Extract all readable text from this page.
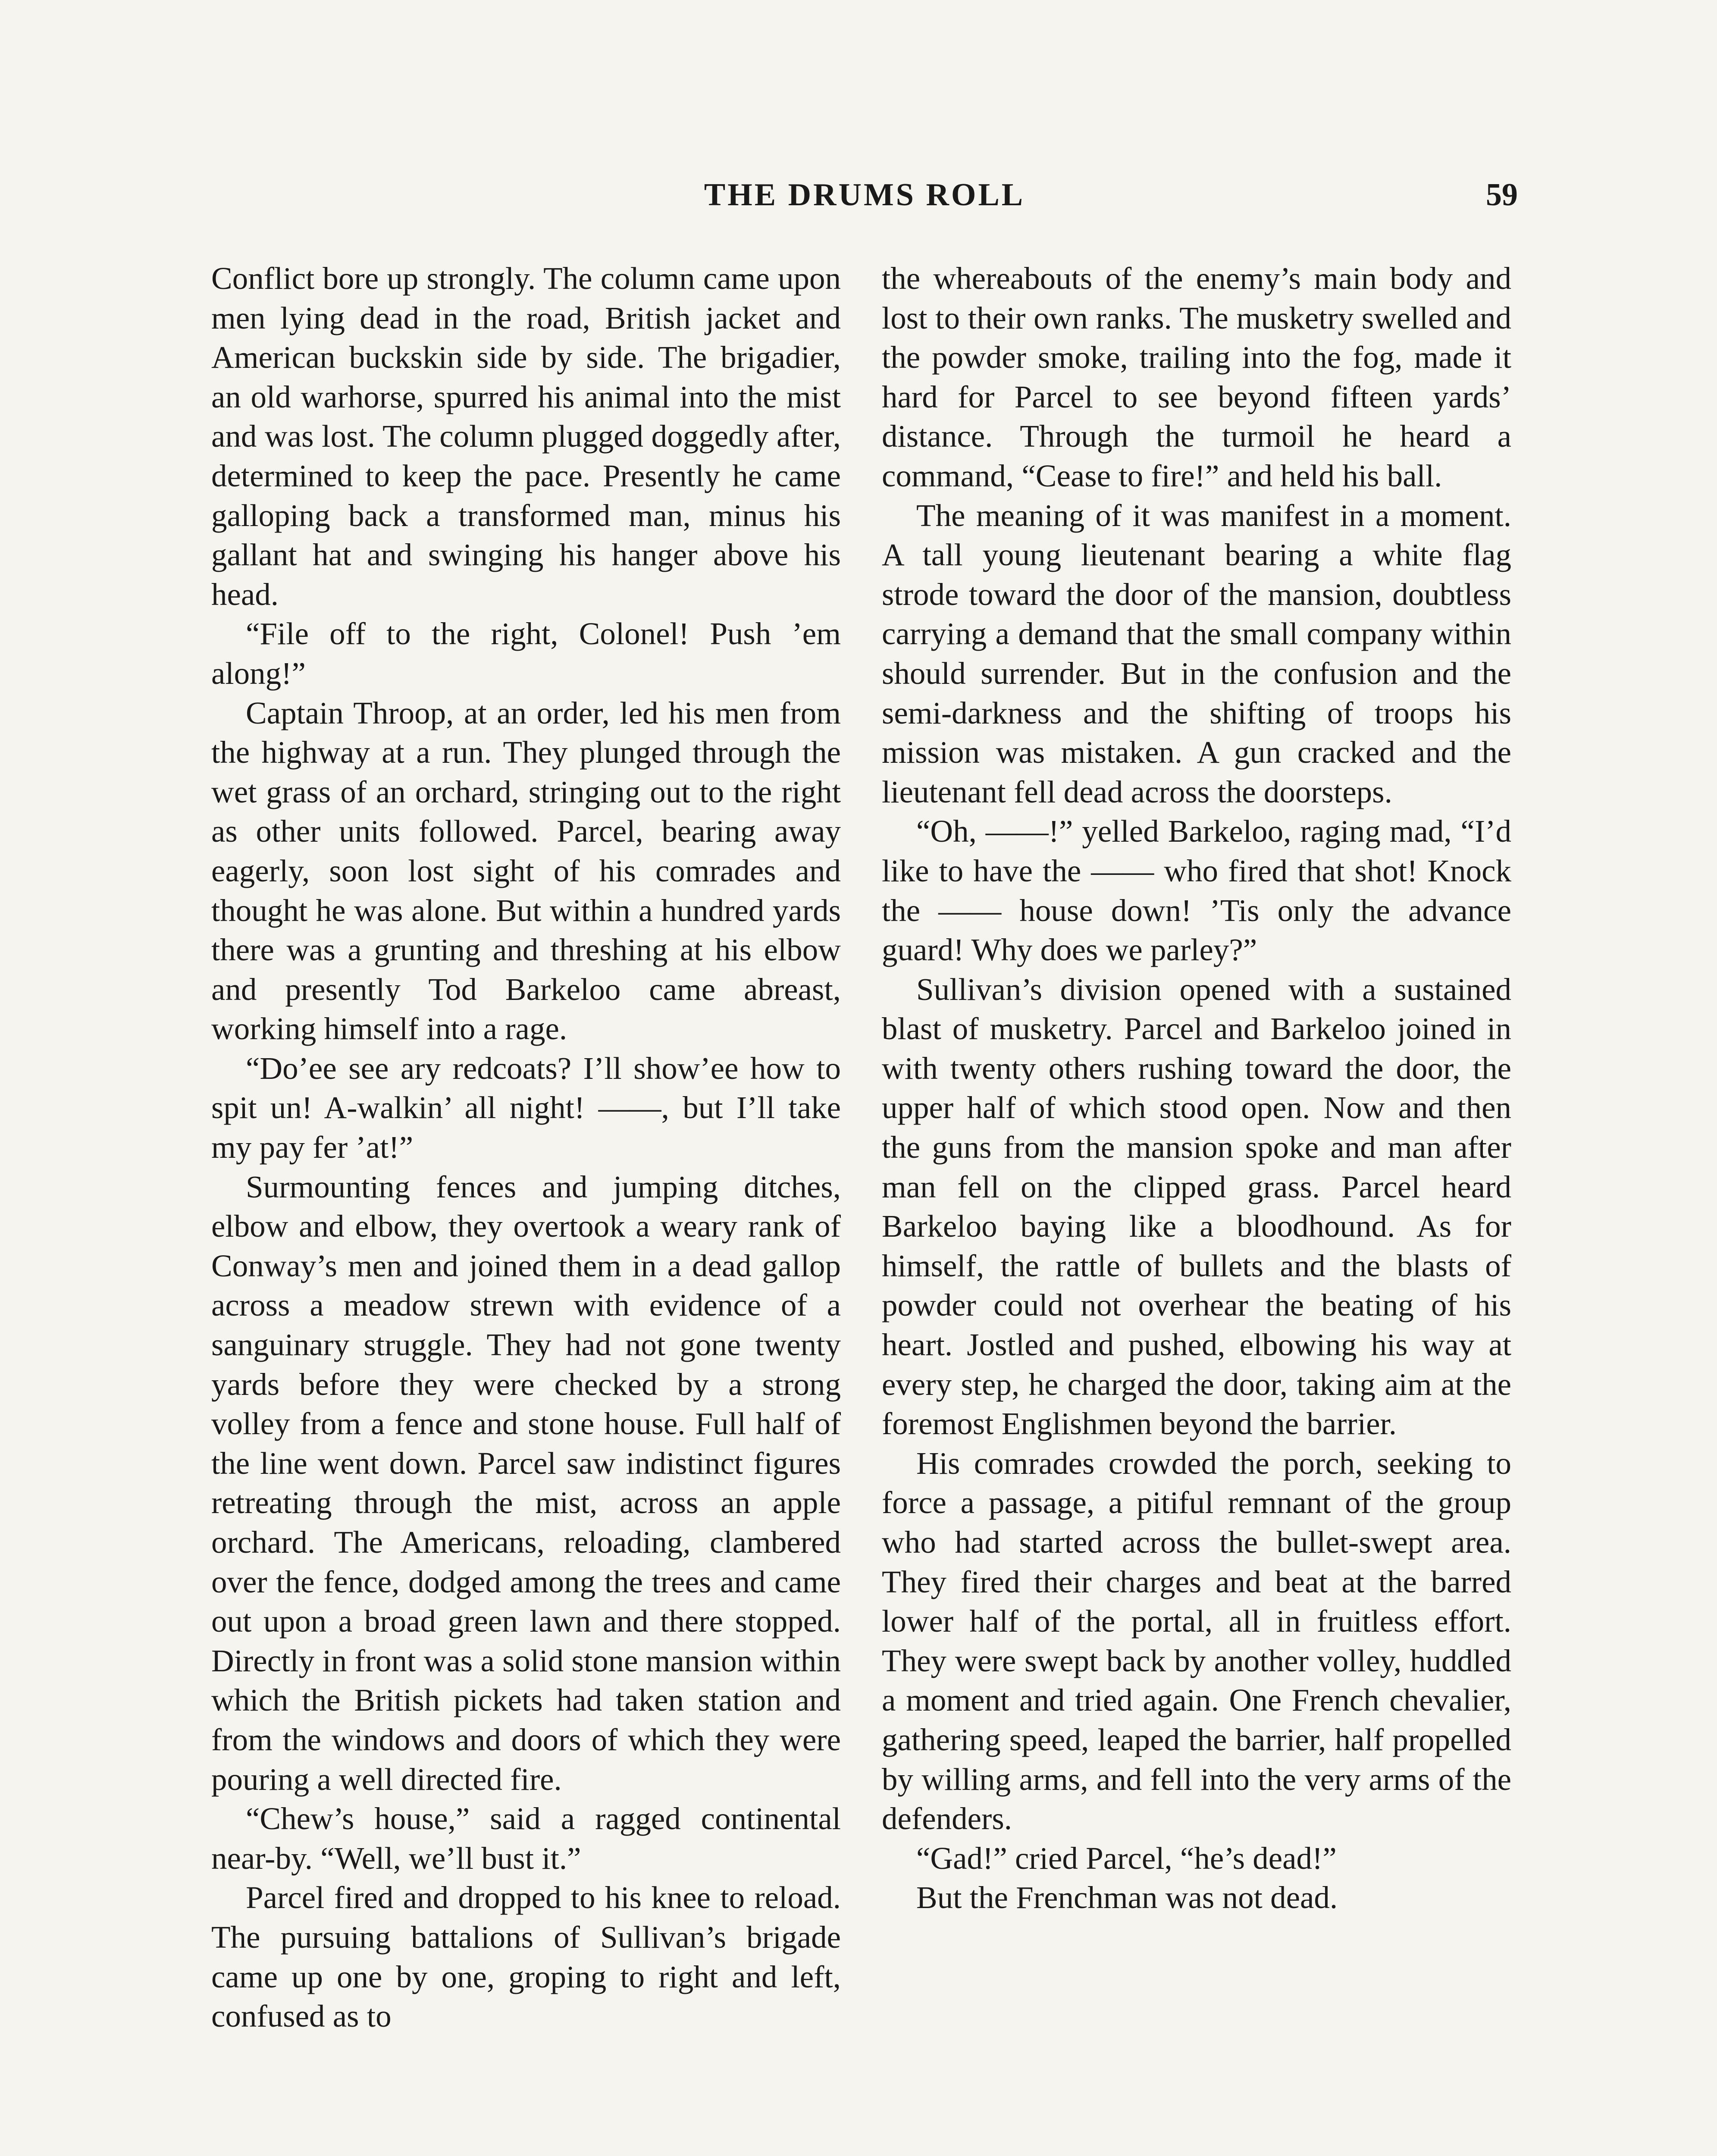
THE DRUMS ROLL	59

Conflict bore up strongly. The column came upon men lying dead in the road, British jacket and American buckskin side by side. The brigadier, an old warhorse, spurred his animal into the mist and was lost. The column plugged doggedly after, determined to keep the pace. Presently he came galloping back a transformed man, minus his gallant hat and swinging his hanger above his head.

“File off to the right, Colonel! Push ’em along!”

Captain Throop, at an order, led his men from the highway at a run. They plunged through the wet grass of an orchard, stringing out to the right as other units followed. Parcel, bearing away eagerly, soon lost sight of his comrades and thought he was alone. But within a hundred yards there was a grunting and threshing at his elbow and presently Tod Barkeloo came abreast, working himself into a rage.

“Do’ee see ary redcoats? I’ll show’ee how to spit un! A-walkin’ all night! ——, but I’ll take my pay fer ’at!”

Surmounting fences and jumping ditches, elbow and elbow, they overtook a weary rank of Conway’s men and joined them in a dead gallop across a meadow strewn with evidence of a sanguinary struggle. They had not gone twenty yards before they were checked by a strong volley from a fence and stone house. Full half of the line went down. Parcel saw indistinct figures retreating through the mist, across an apple orchard. The Americans, reloading, clambered over the fence, dodged among the trees and came out upon a broad green lawn and there stopped. Directly in front was a solid stone mansion within which the British pickets had taken station and from the windows and doors of which they were pouring a well directed fire.

“Chew’s house,” said a ragged continental near-by. “Well, we’ll bust it.”

Parcel fired and dropped to his knee to reload. The pursuing battalions of Sullivan’s brigade came up one by one, groping to right and left, confused as to

the whereabouts of the enemy’s main body and lost to their own ranks. The musketry swelled and the powder smoke, trailing into the fog, made it hard for Parcel to see beyond fifteen yards’ distance. Through the turmoil he heard a command, “Cease to fire!” and held his ball.

The meaning of it was manifest in a moment. A tall young lieutenant bearing a white flag strode toward the door of the mansion, doubtless carrying a demand that the small company within should surrender. But in the confusion and the semi-darkness and the shifting of troops his mission was mistaken. A gun cracked and the lieutenant fell dead across the doorsteps.

“Oh, ——!” yelled Barkeloo, raging mad, “I’d like to have the —— who fired that shot! Knock the —— house down! ’Tis only the advance guard! Why does we parley?”

Sullivan’s division opened with a sustained blast of musketry. Parcel and Barkeloo joined in with twenty others rushing toward the door, the upper half of which stood open. Now and then the guns from the mansion spoke and man after man fell on the clipped grass. Parcel heard Barkeloo baying like a bloodhound. As for himself, the rattle of bullets and the blasts of powder could not overhear the beating of his heart. Jostled and pushed, elbowing his way at every step, he charged the door, taking aim at the foremost Englishmen beyond the barrier.

His comrades crowded the porch, seeking to force a passage, a pitiful remnant of the group who had started across the bullet-swept area. They fired their charges and beat at the barred lower half of the portal, all in fruitless effort. They were swept back by another volley, huddled a moment and tried again. One French chevalier, gathering speed, leaped the barrier, half propelled by willing arms, and fell into the very arms of the defenders.

“Gad!” cried Parcel, “he’s dead!”

But the Frenchman was not dead.
